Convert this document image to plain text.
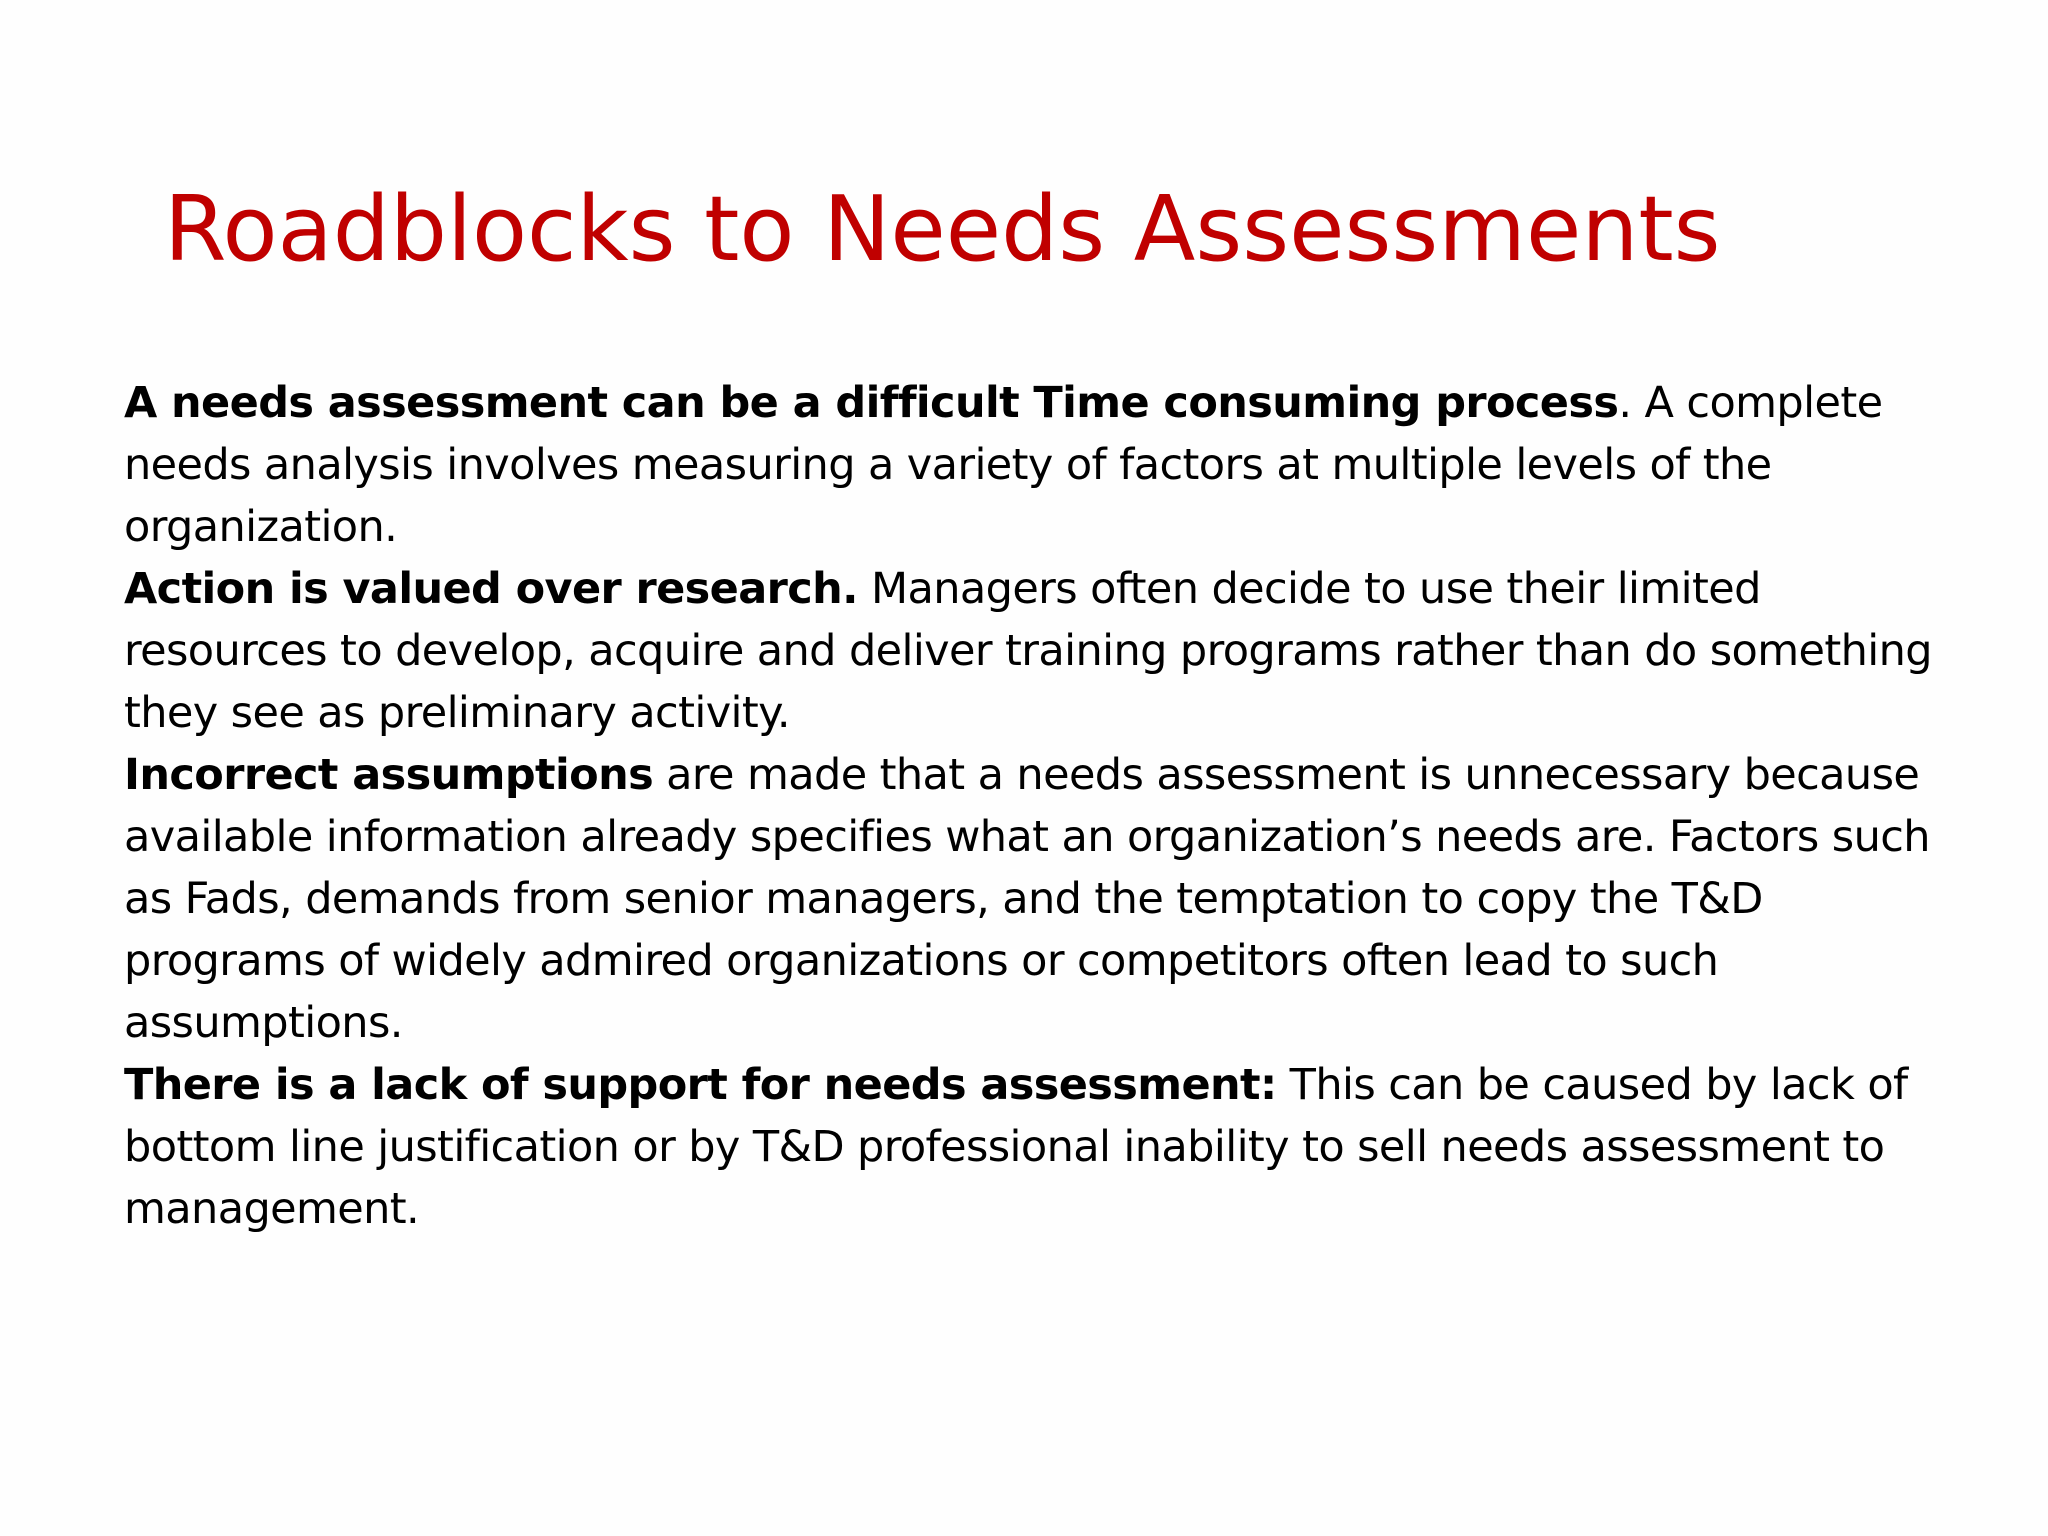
Roadblocks to Needs Assessments

A needs assessment can be a difficult Time consuming process. A complete needs analysis involves measuring a variety of factors at multiple levels of the organization.

Action is valued over research. Managers often decide to use their limited resources to develop, acquire and deliver training programs rather than do something they see as preliminary activity.

Incorrect assumptions are made that a needs assessment is unnecessary because available information already specifies what an organization’s needs are. Factors such as Fads, demands from senior managers, and the temptation to copy the T&D programs of widely admired organizations or competitors often lead to such assumptions.

There is a lack of support for needs assessment: This can be caused by lack of bottom line justification or by T&D professional inability to sell needs assessment to management.
